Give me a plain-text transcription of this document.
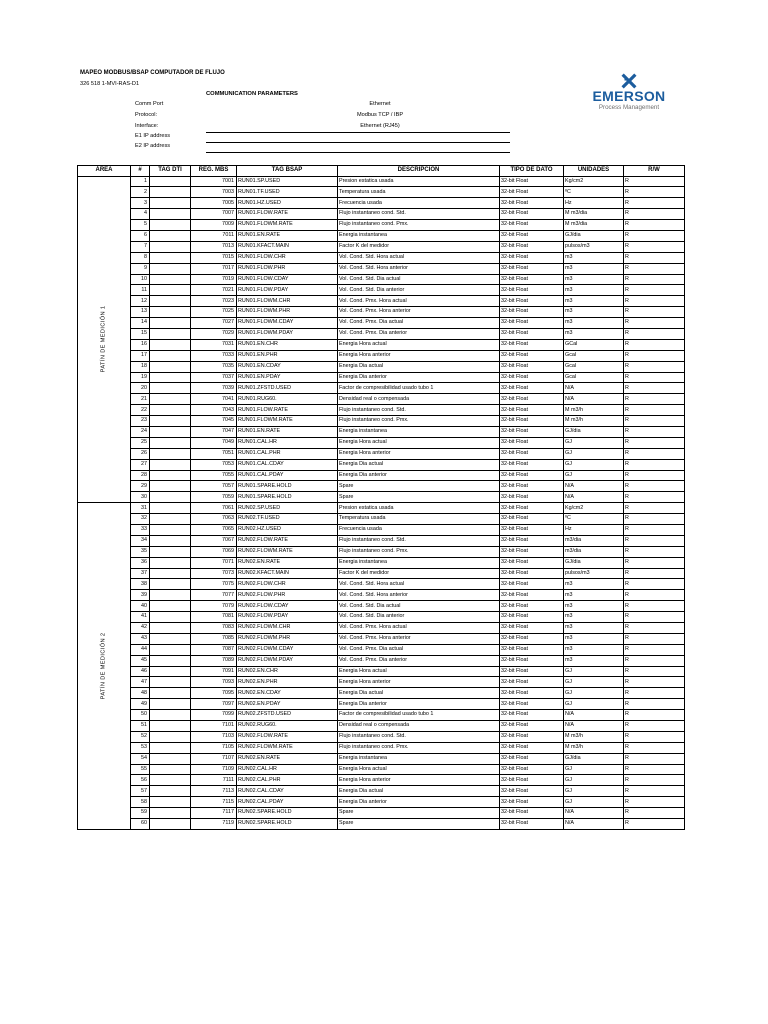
MAPEO MODBUS/BSAP COMPUTADOR DE FLUJO
326 518 1-MVI-RAS-D1
COMMUNICATION PARAMETERS
Comm Port	Ethernet
Protocol:	Modbus TCP / IBP
Interface:	Ethernet (RJ45)
E1 IP address
E2 IP address
EMERSON
Process Management
ÁREA	#	TAG DTI	REG. MBS	TAG BSAP	DESCRIPCIÓN	TIPO DE DATO	UNIDADES	R/W

PATÍN DE MEDICIÓN 1	1		7001	RUN01.SP.USED	Presion estatica usada	32-bit Float	Kg/cm2	R
	2		7003	RUN01.TF.USED	Temperatura usada	32-bit Float	ºC	R
	3		7005	RUN01.HZ.USED	Frecuencia usada	32-bit Float	Hz	R
	4		7007	RUN01.FLOW.RATE	Flujo instantaneo cond. Std.	32-bit Float	M m3/dia	R
	5		7009	RUN01.FLOWM.RATE	Flujo instantaneo cond. Pmx.	32-bit Float	M m3/dia	R
	6		7011	RUN01.EN.RATE	Energia instantanea	32-bit Float	GJ/dia	R
	7		7013	RUN01.KFACT.MAIN	Factor K del medidor	32-bit Float	pulsos/m3	R
	8		7015	RUN01.FLOW.CHR	Vol. Cond. Std. Hora actual	32-bit Float	m3	R
	9		7017	RUN01.FLOW.PHR	Vol. Cond. Std. Hora anterior	32-bit Float	m3	R
	10		7019	RUN01.FLOW.CDAY	Vol. Cond. Std. Dia actual	32-bit Float	m3	R
	11		7021	RUN01.FLOW.PDAY	Vol. Cond. Std. Dia anterior	32-bit Float	m3	R
	12		7023	RUN01.FLOWM.CHR	Vol. Cond. Pmx. Hora actual	32-bit Float	m3	R
	13		7025	RUN01.FLOWM.PHR	Vol. Cond. Pmx. Hora anterior	32-bit Float	m3	R
	14		7027	RUN01.FLOWM.CDAY	Vol. Cond. Pmx. Dia actual	32-bit Float	m3	R
	15		7029	RUN01.FLOWM.PDAY	Vol. Cond. Pmx. Dia anterior	32-bit Float	m3	R
	16		7031	RUN01.EN.CHR	Energia Hora actual	32-bit Float	GCal	R
	17		7033	RUN01.EN.PHR	Energia Hora anterior	32-bit Float	Gcal	R
	18		7035	RUN01.EN.CDAY	Energia Dia actual	32-bit Float	Gcal	R
	19		7037	RUN01.EN.PDAY	Energia Dia anterior	32-bit Float	Gcal	R
	20		7039	RUN01.ZFSTD.USED	Factor de compresibilidad usado tubo 1	32-bit Float	N/A	R
	21		7041	RUN01.RUG60.	Densidad real o compensada	32-bit Float	N/A	R
	22		7043	RUN01.FLOW.RATE	Flujo instantaneo cond. Std.	32-bit Float	M m3/h	R
	23		7045	RUN01.FLOWM.RATE	Flujo instantaneo cond. Pmx.	32-bit Float	M m3/h	R
	24		7047	RUN01.EN.RATE	Energia instantanea	32-bit Float	GJ/dia	R
	25		7049	RUN01.CAL.HR	Energia Hora actual	32-bit Float	GJ	R
	26		7051	RUN01.CAL.PHR	Energia Hora anterior	32-bit Float	GJ	R
	27		7053	RUN01.CAL.CDAY	Energia Dia actual	32-bit Float	GJ	R
	28		7055	RUN01.CAL.PDAY	Energia Dia anterior	32-bit Float	GJ	R
	29		7057	RUN01.SPARE.HOLD	Spare	32-bit Float	N/A	R
	30		7059	RUN01.SPARE.HOLD	Spare	32-bit Float	N/A	R

PATÍN DE MEDICIÓN 2	31		7061	RUN02.SP.USED	Presion estatica usada	32-bit Float	Kg/cm2	R
	32		7063	RUN02.TF.USED	Temperatura usada	32-bit Float	ºC	R
	33		7065	RUN02.HZ.USED	Frecuencia usada	32-bit Float	Hz	R
	34		7067	RUN02.FLOW.RATE	Flujo instantaneo cond. Std.	32-bit Float	m3/dia	R
	35		7069	RUN02.FLOWM.RATE	Flujo instantaneo cond. Pmx.	32-bit Float	m3/dia	R
	36		7071	RUN02.EN.RATE	Energia instantanea	32-bit Float	GJ/dia	R
	37		7073	RUN02.KFACT.MAIN	Factor K del medidor	32-bit Float	pulsos/m3	R
	38		7075	RUN02.FLOW.CHR	Vol. Cond. Std. Hora actual	32-bit Float	m3	R
	39		7077	RUN02.FLOW.PHR	Vol. Cond. Std. Hora anterior	32-bit Float	m3	R
	40		7079	RUN02.FLOW.CDAY	Vol. Cond. Std. Dia actual	32-bit Float	m3	R
	41		7081	RUN02.FLOW.PDAY	Vol. Cond. Std. Dia anterior	32-bit Float	m3	R
	42		7083	RUN02.FLOWM.CHR	Vol. Cond. Pmx. Hora actual	32-bit Float	m3	R
	43		7085	RUN02.FLOWM.PHR	Vol. Cond. Pmx. Hora anterior	32-bit Float	m3	R
	44		7087	RUN02.FLOWM.CDAY	Vol. Cond. Pmx. Dia actual	32-bit Float	m3	R
	45		7089	RUN02.FLOWM.PDAY	Vol. Cond. Pmx. Dia anterior	32-bit Float	m3	R
	46		7091	RUN02.EN.CHR	Energia Hora actual	32-bit Float	GJ	R
	47		7093	RUN02.EN.PHR	Energia Hora anterior	32-bit Float	GJ	R
	48		7095	RUN02.EN.CDAY	Energia Dia actual	32-bit Float	GJ	R
	49		7097	RUN02.EN.PDAY	Energia Dia anterior	32-bit Float	GJ	R
	50		7099	RUN02.ZFSTD.USED	Factor de compresibilidad usado tubo 1	32-bit Float	N/A	R
	51		7101	RUN02.RUG60.	Densidad real o compensada	32-bit Float	N/A	R
	52		7103	RUN02.FLOW.RATE	Flujo instantaneo cond. Std.	32-bit Float	M m3/h	R
	53		7105	RUN02.FLOWM.RATE	Flujo instantaneo cond. Pmx.	32-bit Float	M m3/h	R
	54		7107	RUN02.EN.RATE	Energia instantanea	32-bit Float	GJ/dia	R
	55		7109	RUN02.CAL.HR	Energia Hora actual	32-bit Float	GJ	R
	56		7111	RUN02.CAL.PHR	Energia Hora anterior	32-bit Float	GJ	R
	57		7113	RUN02.CAL.CDAY	Energia Dia actual	32-bit Float	GJ	R
	58		7115	RUN02.CAL.PDAY	Energia Dia anterior	32-bit Float	GJ	R
	59		7117	RUN02.SPARE.HOLD	Spare	32-bit Float	N/A	R
	60		7119	RUN02.SPARE.HOLD	Spare	32-bit Float	N/A	R
